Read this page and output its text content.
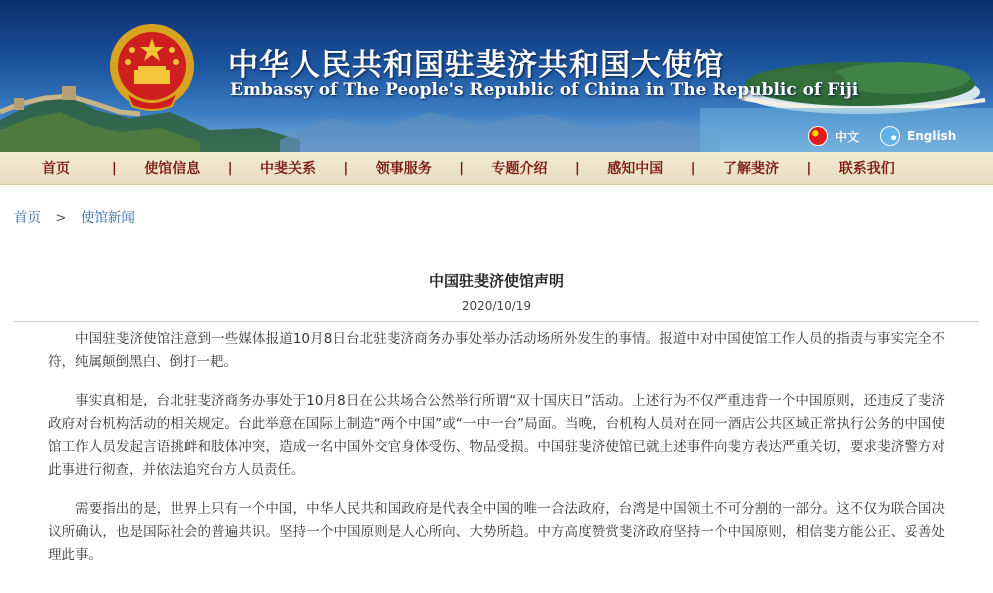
中华人民共和国驻斐济共和国大使馆
Embassy of The People's Republic of China in The Republic of Fiji
中文	English
首页	|	使馆信息	|	中斐关系	|	领事服务	|	专题介绍	|	感知中国	|	了解斐济	|	联系我们
首页 > 使馆新闻
中国驻斐济使馆声明
2020/10/19

中国驻斐济使馆注意到一些媒体报道10月8日台北驻斐济商务办事处举办活动场所外发生的事情。报道中对中国使馆工作人员的指责与事实完全不符，纯属颠倒黑白、倒打一耙。

事实真相是，台北驻斐济商务办事处于10月8日在公共场合公然举行所谓“双十国庆日”活动。上述行为不仅严重违背一个中国原则，还违反了斐济政府对台机构活动的相关规定。台此举意在国际上制造“两个中国”或“一中一台”局面。当晚，台机构人员对在同一酒店公共区域正常执行公务的中国使馆工作人员发起言语挑衅和肢体冲突，造成一名中国外交官身体受伤、物品受损。中国驻斐济使馆已就上述事件向斐方表达严重关切，要求斐济警方对此事进行彻查，并依法追究台方人员责任。

需要指出的是，世界上只有一个中国，中华人民共和国政府是代表全中国的唯一合法政府，台湾是中国领土不可分割的一部分。这不仅为联合国决议所确认，也是国际社会的普遍共识。坚持一个中国原则是人心所向、大势所趋。中方高度赞赏斐济政府坚持一个中国原则，相信斐方能公正、妥善处理此事。
